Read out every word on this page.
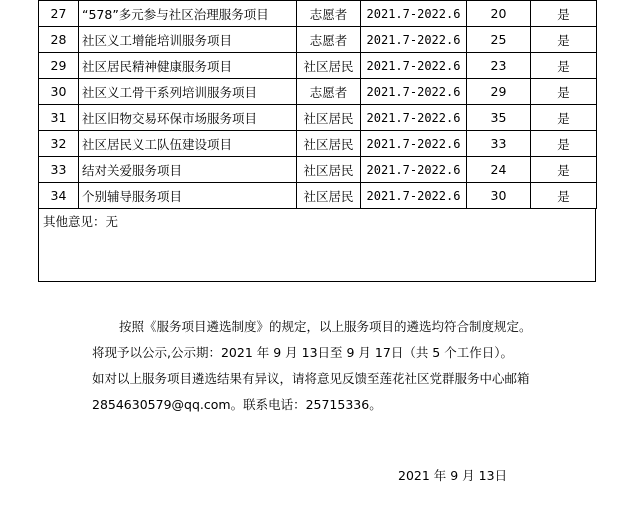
27	“578”多元参与社区治理服务项目	志愿者	2021.7-2022.6	20	是
28	社区义工增能培训服务项目	志愿者	2021.7-2022.6	25	是
29	社区居民精神健康服务项目	社区居民	2021.7-2022.6	23	是
30	社区义工骨干系列培训服务项目	志愿者	2021.7-2022.6	29	是
31	社区旧物交易环保市场服务项目	社区居民	2021.7-2022.6	35	是
32	社区居民义工队伍建设项目	社区居民	2021.7-2022.6	33	是
33	结对关爱服务项目	社区居民	2021.7-2022.6	24	是
34	个别辅导服务项目	社区居民	2021.7-2022.6	30	是
其他意见：无
按照《服务项目遴选制度》的规定，以上服务项目的遴选均符合制度规定。
将现予以公示,公示期：2021 年 9 月 13日至 9 月 17日（共 5 个工作日）。
如对以上服务项目遴选结果有异议，请将意见反馈至莲花社区党群服务中心邮箱
2854630579@qq.com。联系电话：25715336。
2021 年 9 月 13日
